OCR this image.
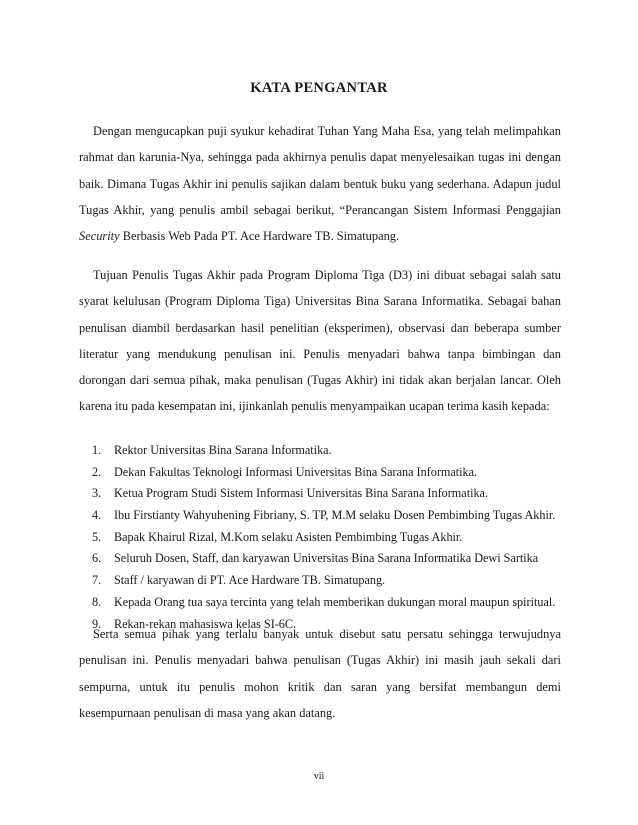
KATA PENGANTAR

Dengan mengucapkan puji syukur kehadirat Tuhan Yang Maha Esa, yang telah melimpahkan rahmat dan karunia-Nya, sehingga pada akhirnya penulis dapat menyelesaikan tugas ini dengan baik. Dimana Tugas Akhir ini penulis sajikan dalam bentuk buku yang sederhana. Adapun judul Tugas Akhir, yang penulis ambil sebagai berikut, “Perancangan Sistem Informasi Penggajian Security Berbasis Web Pada PT. Ace Hardware TB. Simatupang.

Tujuan Penulis Tugas Akhir pada Program Diploma Tiga (D3) ini dibuat sebagai salah satu syarat kelulusan (Program Diploma Tiga) Universitas Bina Sarana Informatika. Sebagai bahan penulisan diambil berdasarkan hasil penelitian (eksperimen), observasi dan beberapa sumber literatur yang mendukung penulisan ini. Penulis menyadari bahwa tanpa bimbingan dan dorongan dari semua pihak, maka penulisan (Tugas Akhir) ini tidak akan berjalan lancar. Oleh karena itu pada kesempatan ini, ijinkanlah penulis menyampaikan ucapan terima kasih kepada:

1. Rektor Universitas Bina Sarana Informatika.
2. Dekan Fakultas Teknologi Informasi Universitas Bina Sarana Informatika.
3. Ketua Program Studi Sistem Informasi Universitas Bina Sarana Informatika.
4. Ibu Firstianty Wahyuhening Fibriany, S. TP, M.M selaku Dosen Pembimbing Tugas Akhir.
5. Bapak Khairul Rizal, M.Kom selaku Asisten Pembimbing Tugas Akhir.
6. Seluruh Dosen, Staff, dan karyawan Universitas Bina Sarana Informatika Dewi Sartika
7. Staff / karyawan di PT. Ace Hardware TB. Simatupang.
8. Kepada Orang tua saya tercinta yang telah memberikan dukungan moral maupun spiritual.
9. Rekan-rekan mahasiswa kelas SI-6C.

Serta semua pihak yang terlalu banyak untuk disebut satu persatu sehingga terwujudnya penulisan ini. Penulis menyadari bahwa penulisan (Tugas Akhir) ini masih jauh sekali dari sempurna, untuk itu penulis mohon kritik dan saran yang bersifat membangun demi kesempurnaan penulisan di masa yang akan datang.

vii
